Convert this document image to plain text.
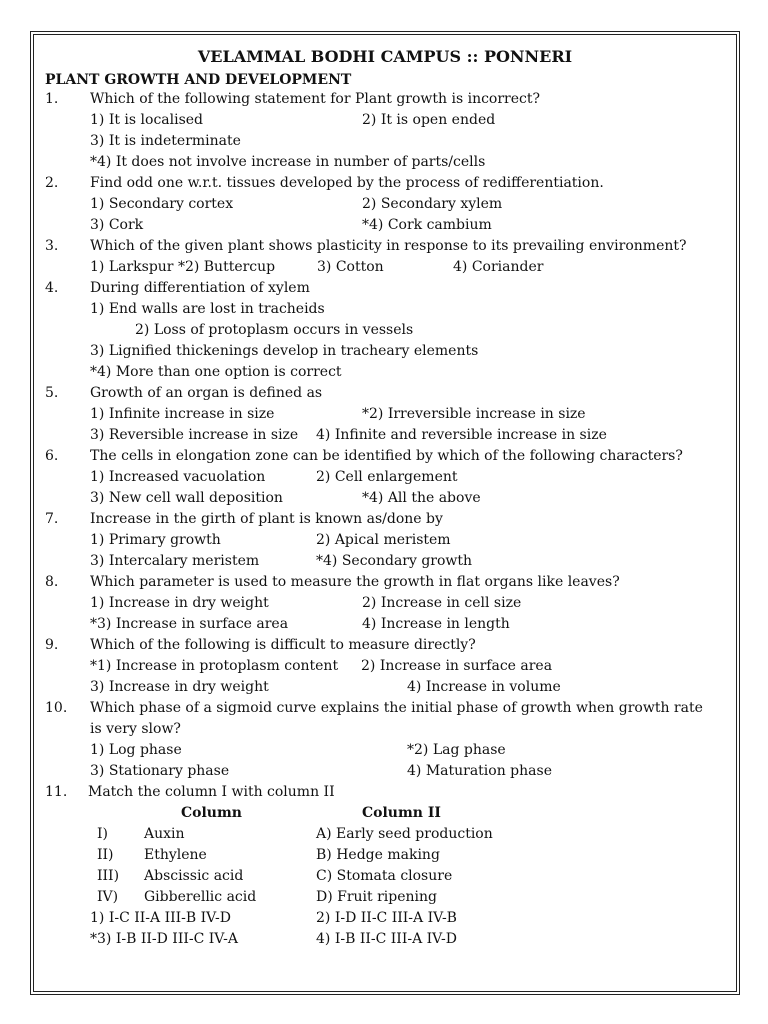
VELAMMAL BODHI CAMPUS :: PONNERI
PLANT GROWTH AND DEVELOPMENT
1. Which of the following statement for Plant growth is incorrect?
1) It is localised	2) It is open ended
3) It is indeterminate
*4) It does not involve increase in number of parts/cells
2. Find odd one w.r.t. tissues developed by the process of redifferentiation.
1) Secondary cortex	2) Secondary xylem
3) Cork	*4) Cork cambium
3. Which of the given plant shows plasticity in response to its prevailing environment?
1) Larkspur *2) Buttercup	3) Cotton	4) Coriander
4. During differentiation of xylem
1) End walls are lost in tracheids
2) Loss of protoplasm occurs in vessels
3) Lignified thickenings develop in tracheary elements
*4) More than one option is correct
5. Growth of an organ is defined as
1) Infinite increase in size	*2) Irreversible increase in size
3) Reversible increase in size 4) Infinite and reversible increase in size
6. The cells in elongation zone can be identified by which of the following characters?
1) Increased vacuolation	2) Cell enlargement
3) New cell wall deposition	*4) All the above
7. Increase in the girth of plant is known as/done by
1) Primary growth	2) Apical meristem
3) Intercalary meristem	*4) Secondary growth
8. Which parameter is used to measure the growth in flat organs like leaves?
1) Increase in dry weight	2) Increase in cell size
*3) Increase in surface area	4) Increase in length
9. Which of the following is difficult to measure directly?
*1) Increase in protoplasm content 2) Increase in surface area
3) Increase in dry weight	4) Increase in volume
10. Which phase of a sigmoid curve explains the initial phase of growth when growth rate
is very slow?
1) Log phase	*2) Lag phase
3) Stationary phase	4) Maturation phase
11. Match the column I with column II
Column	Column II
I)	Auxin	A) Early seed production
II) Ethylene	B) Hedge making
III) Abscissic acid	C) Stomata closure
IV) Gibberellic acid	D) Fruit ripening
1) I-C II-A III-B IV-D	2) I-D II-C III-A IV-B
*3) I-B II-D III-C IV-A	4) I-B II-C III-A IV-D
